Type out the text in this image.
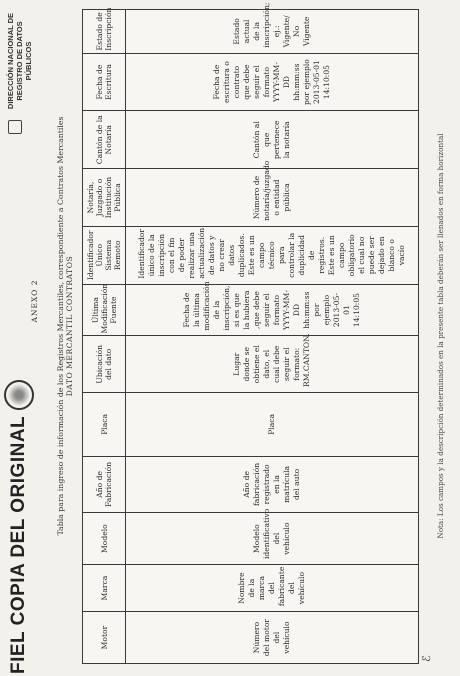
FIEL COPIA DEL ORIGINAL
DIRECCIÓN NACIONAL DE REGISTRO DE DATOS PÚBLICOS
ANEXO 2 Tabla para ingreso de información de los Registros Mercantiles, correspondiente a Contratos Mercantiles DATO MERCANTIL CONTRATOS
Motor	Marca	Modelo	Año de Fabricación	Placa	Ubicación del dato	Última Modificación Fuente	Identificador Único Sistema Remoto	Notaría, Juzgado o Institución Pública	Cantón de la Notaría	Fecha de Escritura	Estado de Inscripción
Número del motor del vehículo	Nombre de la marca del fabricante del vehículo	Modelo identificativo del vehículo	Año de fabricación registrado en la matrícula del auto	Placa	Lugar donde se obtiene el dato, el cual debe seguir el formato: RM.CANTON.	Fecha de la última modificación de la inscripción, si es que la hubiera ,que debe seguir el formato YYYY-MM-DD hh:mm:ss por ejemplo 2013-05-01 14:10:05	Identificador único de la inscripción con el fin de poder realizar una actualización de datos y no crear datos duplicados. Este es un campo técnico para controlar la duplicidad de registros. Este es un campo obligatorio el cual no puede ser dejado en blanco o vacío	Número de notaría/juzgado o entidad pública	Cantón al que pertenece la notaría	Fecha de escritura o contrato que debe seguir el formato YYYY-MM-DD hh:mm:ss por ejemplo 2013-05-01 14:10:05	Estado actual de la inscripción; ej.: Vigente/ No Vigente
ℰ
Nota: Los campos y la descripción determinados en la presente tabla deberán ser llenados en forma horizontal
